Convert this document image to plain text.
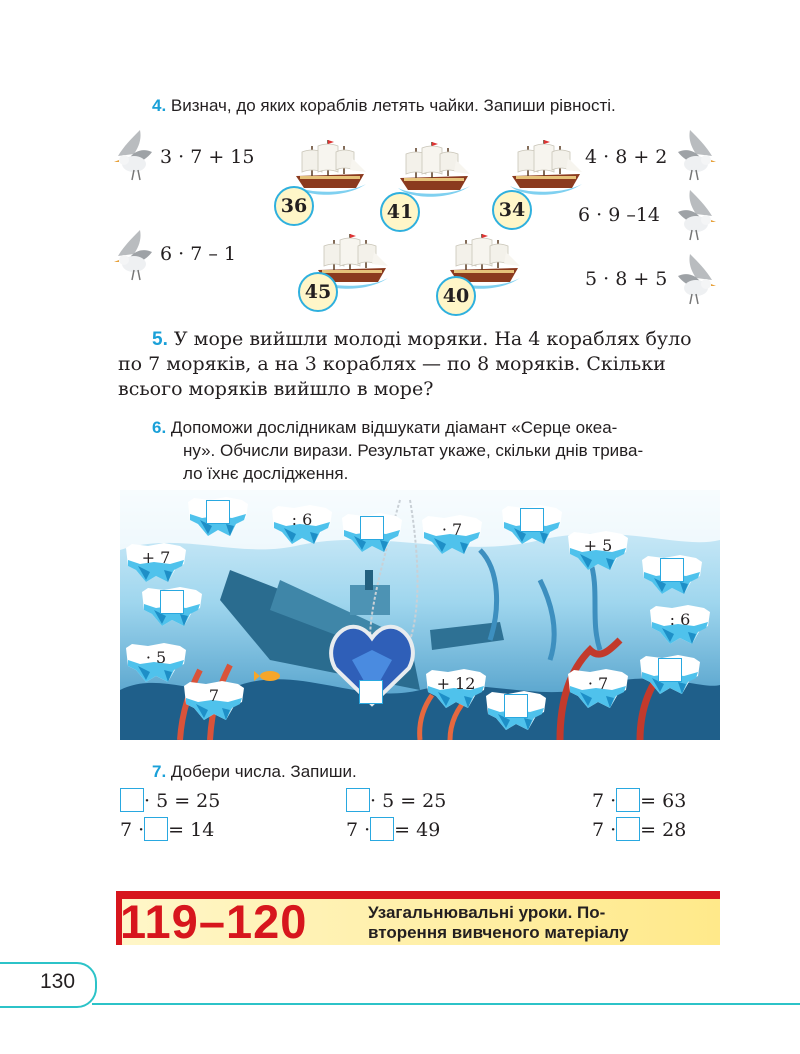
4. Визнач, до яких кораблів летять чайки. Запиши рівності.
3 · 7 + 15
6 · 7 – 1
4 · 8 + 2
6 · 9 –14
5 · 8 + 5
36	41	34
45	40
5. У море вийшли молоді моряки. На 4 кораблях було
по 7 моряків, а на 3 кораблях — по 8 моряків. Скільки
всього моряків вийшло в море?
6. Допоможи дослідникам відшукати діамант «Серце океа-
ну». Обчисли вирази. Результат укаже, скільки днів трива-
ло їхнє дослідження.
: 6
· 7
+ 7
+ 5
: 6
· 5
7
+ 12	· 7
7. Добери числа. Запиши.
· 5 = 25	· 5 = 25	7 · = 63
7 · = 14	7 · = 49	7 · = 28
119–120	Узагальнювальні уроки. По-
вторення вивченого матеріалу
130
